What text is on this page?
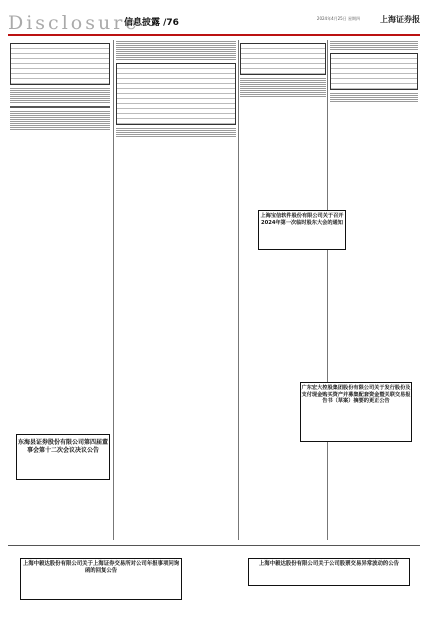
Disclosure
信息披露 /76	2024年4月25日 星期四	上海证券报
东海县证券股份有限公司第四届董事会第十二次会议决议公告
上海宝信软件股份有限公司关于召开2024年第一次临时股东大会的通知
广东宏大控股集团股份有限公司关于发行股份及支付现金购买资产并募集配套资金暨关联交易报告书（草案）摘要的更正公告
上海中毅达股份有限公司关于上海证券交易所对公司年报事项问询函的回复公告
上海中毅达股份有限公司关于公司股票交易异常波动的公告
